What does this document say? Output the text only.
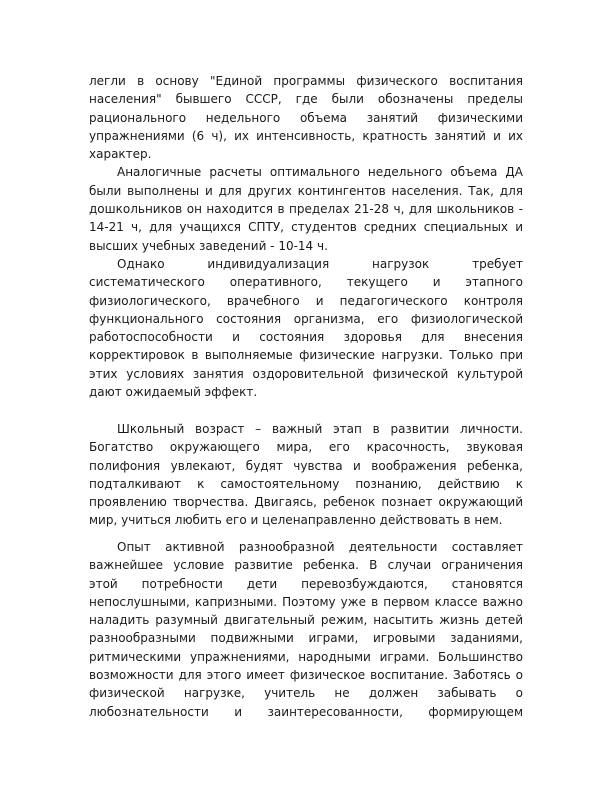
легли в основу "Единой программы физического воспитания
населения" бывшего СССР, где были обозначены пределы
рационального недельного объема занятий физическими
упражнениями (6 ч), их интенсивность, кратность занятий и их
характер.
Аналогичные расчеты оптимального недельного объема ДА
были выполнены и для других контингентов населения. Так, для
дошкольников он находится в пределах 21-28 ч, для школьников -
14-21 ч, для учащихся СПТУ, студентов средних специальных и
высших учебных заведений - 10-14 ч.
Однако индивидуализация нагрузок требует
систематического оперативного, текущего и этапного
физиологического, врачебного и педагогического контроля
функционального состояния организма, его физиологической
работоспособности и состояния здоровья для внесения
корректировок в выполняемые физические нагрузки. Только при
этих условиях занятия оздоровительной физической культурой
дают ожидаемый эффект.
Школьный возраст – важный этап в развитии личности.
Богатство окружающего мира, его красочность, звуковая
полифония увлекают, будят чувства и воображения ребенка,
подталкивают к самостоятельному познанию, действию к
проявлению творчества. Двигаясь, ребенок познает окружающий
мир, учиться любить его и целенаправленно действовать в нем.
Опыт активной разнообразной деятельности составляет
важнейшее условие развитие ребенка. В случаи ограничения
этой потребности дети перевозбуждаются, становятся
непослушными, капризными. Поэтому уже в первом классе важно
наладить разумный двигательный режим, насытить жизнь детей
разнообразными подвижными играми, игровыми заданиями,
ритмическими упражнениями, народными играми. Большинство
возможности для этого имеет физическое воспитание. Заботясь о
физической нагрузке, учитель не должен забывать о
любознательности и заинтересованности, формирующем
